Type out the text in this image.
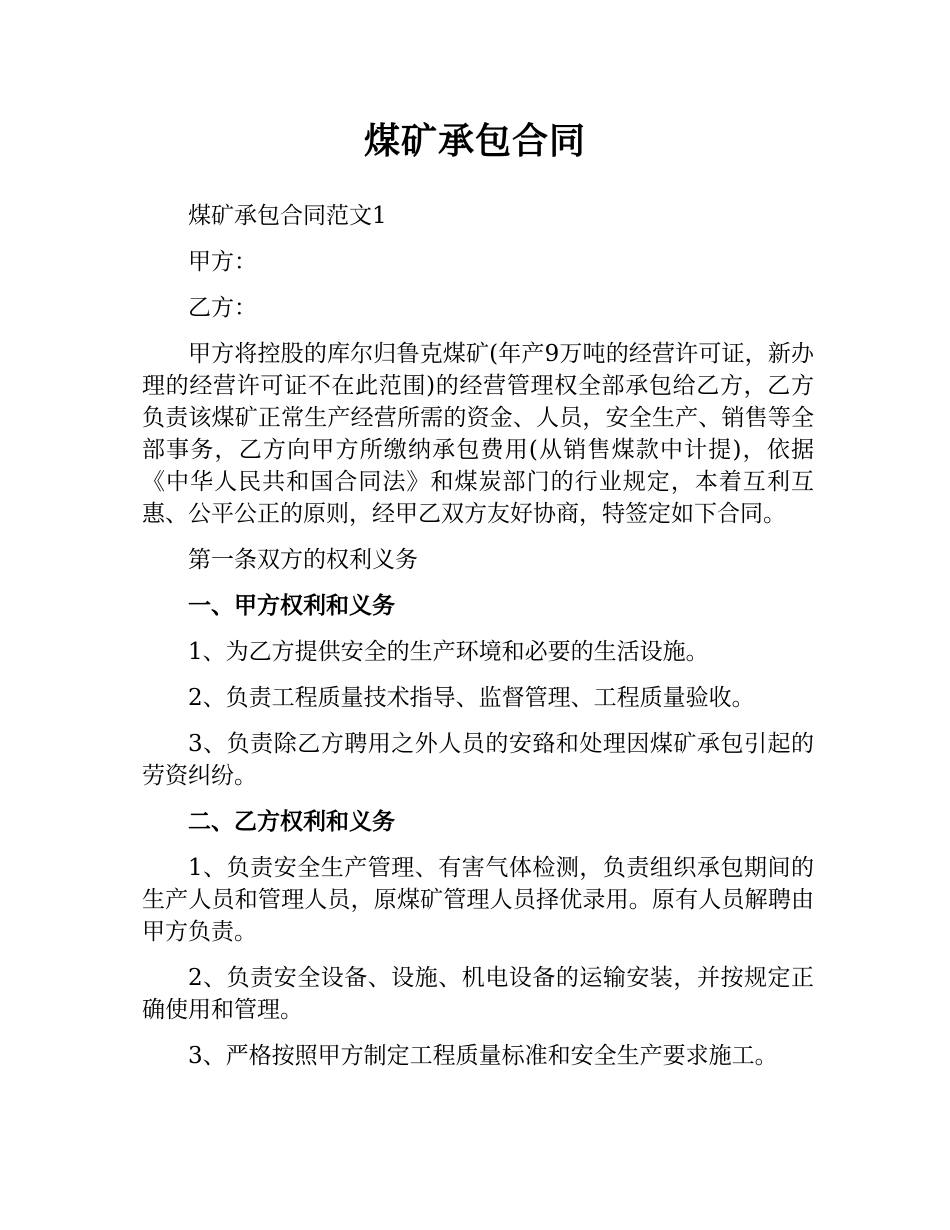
煤矿承包合同

煤矿承包合同范文1

甲方：

乙方：

甲方将控股的库尔归鲁克煤矿(年产9万吨的经营许可证，新办理的经营许可证不在此范围)的经营管理权全部承包给乙方，乙方负责该煤矿正常生产经营所需的资金、人员，安全生产、销售等全部事务，乙方向甲方所缴纳承包费用(从销售煤款中计提)，依据《中华人民共和国合同法》和煤炭部门的行业规定，本着互利互惠、公平公正的原则，经甲乙双方友好协商，特签定如下合同。

第一条双方的权利义务

一、甲方权利和义务

1、为乙方提供安全的生产环境和必要的生活设施。

2、负责工程质量技术指导、监督管理、工程质量验收。

3、负责除乙方聘用之外人员的安臵和处理因煤矿承包引起的劳资纠纷。

二、乙方权利和义务

1、负责安全生产管理、有害气体检测，负责组织承包期间的生产人员和管理人员，原煤矿管理人员择优录用。原有人员解聘由甲方负责。

2、负责安全设备、设施、机电设备的运输安装，并按规定正确使用和管理。

3、严格按照甲方制定工程质量标准和安全生产要求施工。
